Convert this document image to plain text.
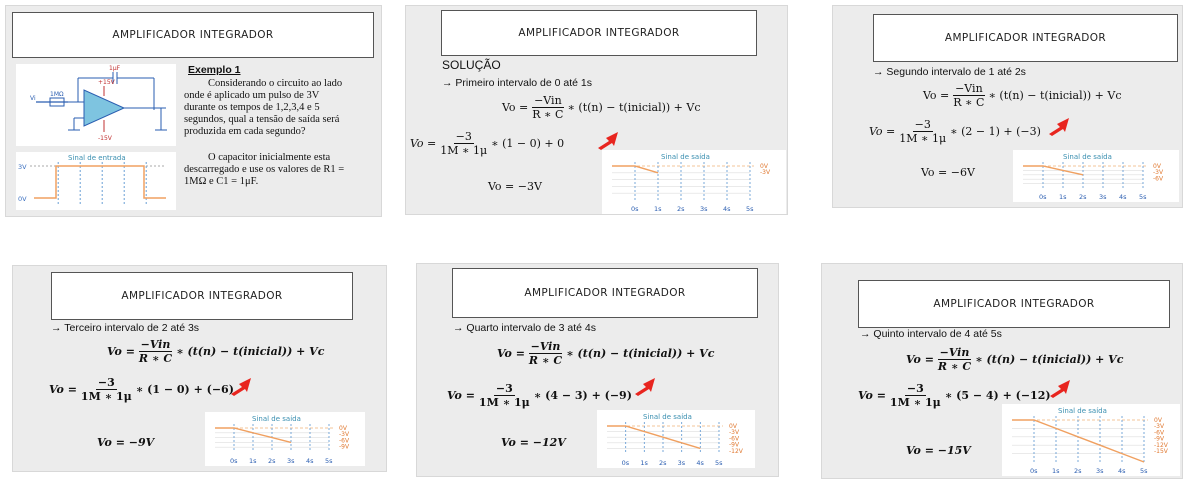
AMPLIFICADOR INTEGRADOR
Vi
1MΩ
1μF
+15V
-15V
Sinal de entrada
3V
0V
Exemplo 1
Considerando o circuito ao lado
onde é aplicado um pulso de 3V
durante os tempos de 1,2,3,4 e 5
segundos, qual a tensão de saída será
produzida em cada segundo?
O capacitor inicialmente esta
descarregado e use os valores de R1 =
1MΩ e C1 = 1μF.
AMPLIFICADOR INTEGRADOR
SOLUÇÃO
→ Primeiro intervalo de 0 até 1s
$Vo = \frac{\text{−Vin}}{R ∗ C}$ ∗ (t(n) − t(inicial)) + Vc
$Vo = \frac{-3}{1M ∗ 1\mu}$ ∗ (1 − 0) + 0
Vo = −3V
Sinal de saída
0s 1s 2s 3s 4s 5s
0V
-3V
AMPLIFICADOR INTEGRADOR
→ Segundo intervalo de 1 até 2s
$Vo = \frac{\text{−Vin}}{R ∗ C}$ ∗ (t(n) − t(inicial)) + Vc
$Vo = \frac{-3}{1M ∗ 1\mu}$ ∗ (2 − 1) + (−3)
Vo = −6V
Sinal de saída
0s 1s 2s 3s 4s 5s
0V
-3V
-6V
AMPLIFICADOR INTEGRADOR
→ Terceiro intervalo de 2 até 3s
$Vo = \frac{\text{−Vin}}{R ∗ C}$ ∗ (t(n) − t(inicial)) + Vc
$Vo = \frac{-3}{1M ∗ 1\mu}$ ∗ (1 − 0) + (−6)
Vo = −9V
Sinal de saída
0s 1s 2s 3s 4s 5s
0V
-3V
-6V
-9V
AMPLIFICADOR INTEGRADOR
→ Quarto intervalo de 3 até 4s
$Vo = \frac{\text{−Vin}}{R ∗ C}$ ∗ (t(n) − t(inicial)) + Vc
$Vo = \frac{-3}{1M ∗ 1\mu}$ ∗ (4 − 3) + (−9)
Vo = −12V
Sinal de saída
0s 1s 2s 3s 4s 5s
0V
-3V
-6V
-9V
-12V
AMPLIFICADOR INTEGRADOR
→ Quinto intervalo de 4 até 5s
$Vo = \frac{\text{−Vin}}{R ∗ C}$ ∗ (t(n) − t(inicial)) + Vc
$Vo = \frac{-3}{1M ∗ 1\mu}$ ∗ (5 − 4) + (−12)
Vo = −15V
Sinal de saída
0s 1s 2s 3s 4s 5s
0V
-3V
-6V
-9V
-12V
-15V
